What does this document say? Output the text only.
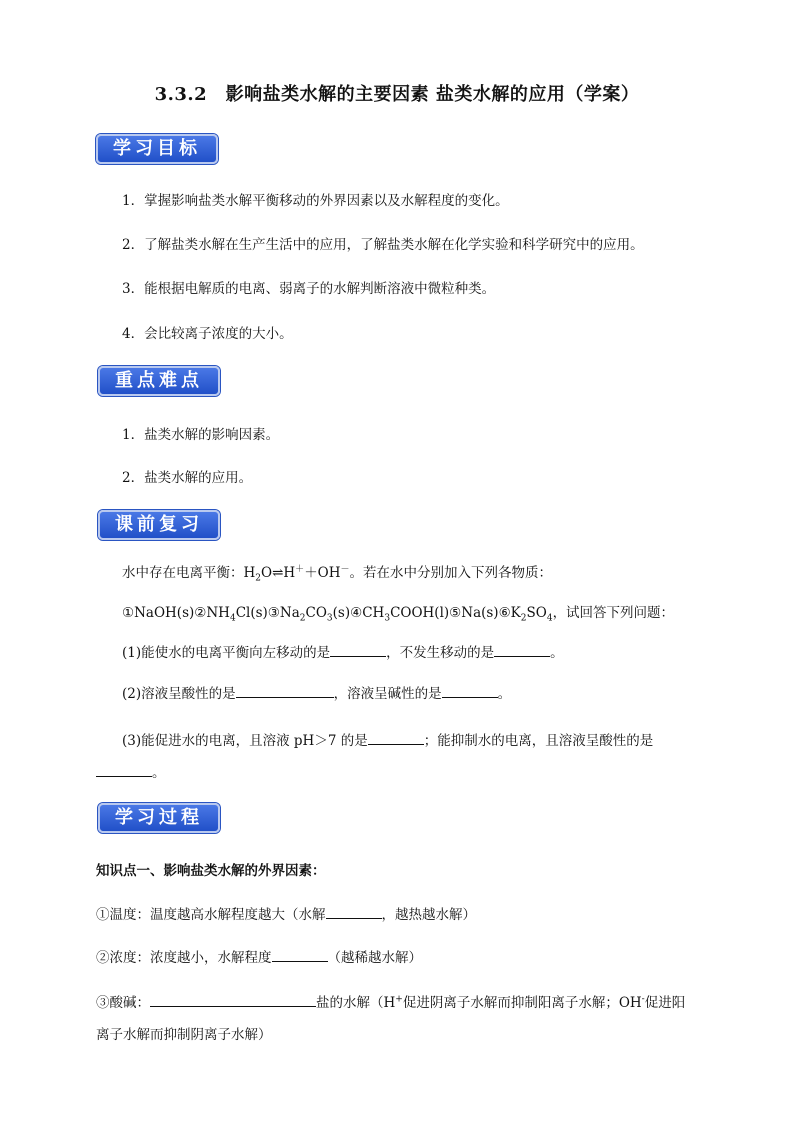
3.3.2　影响盐类水解的主要因素 盐类水解的应用（学案）
学习目标
1．掌握影响盐类水解平衡移动的外界因素以及水解程度的变化。
2．了解盐类水解在生产生活中的应用，了解盐类水解在化学实验和科学研究中的应用。
3．能根据电解质的电离、弱离子的水解判断溶液中微粒种类。
4．会比较离子浓度的大小。
重点难点
1．盐类水解的影响因素。
2．盐类水解的应用。
课前复习
水中存在电离平衡：$H_2O\rightleftharpoons H^++OH^-$。若在水中分别加入下列各物质：
$①NaOH(s)②NH_4Cl(s)③Na_2CO_3(s)④CH_3COOH(l)⑤Na(s)⑥K_2SO_4$，试回答下列问题：
(1)能使水的电离平衡向左移动的是	，不发生移动的是	。
(2)溶液呈酸性的是	，溶液呈碱性的是	。
(3)能促进水的电离，且溶液 pH＞7 的是	；能抑制水的电离，且溶液呈酸性的是
。
学习过程
知识点一、影响盐类水解的外界因素：
①温度：温度越高水解程度越大（水解	，越热越水解）
②浓度：浓度越小，水解程度	（越稀越水解）
③酸碱：	盐的水解（H+促进阴离子水解而抑制阳离子水解；OH-促进阳
离子水解而抑制阴离子水解）
